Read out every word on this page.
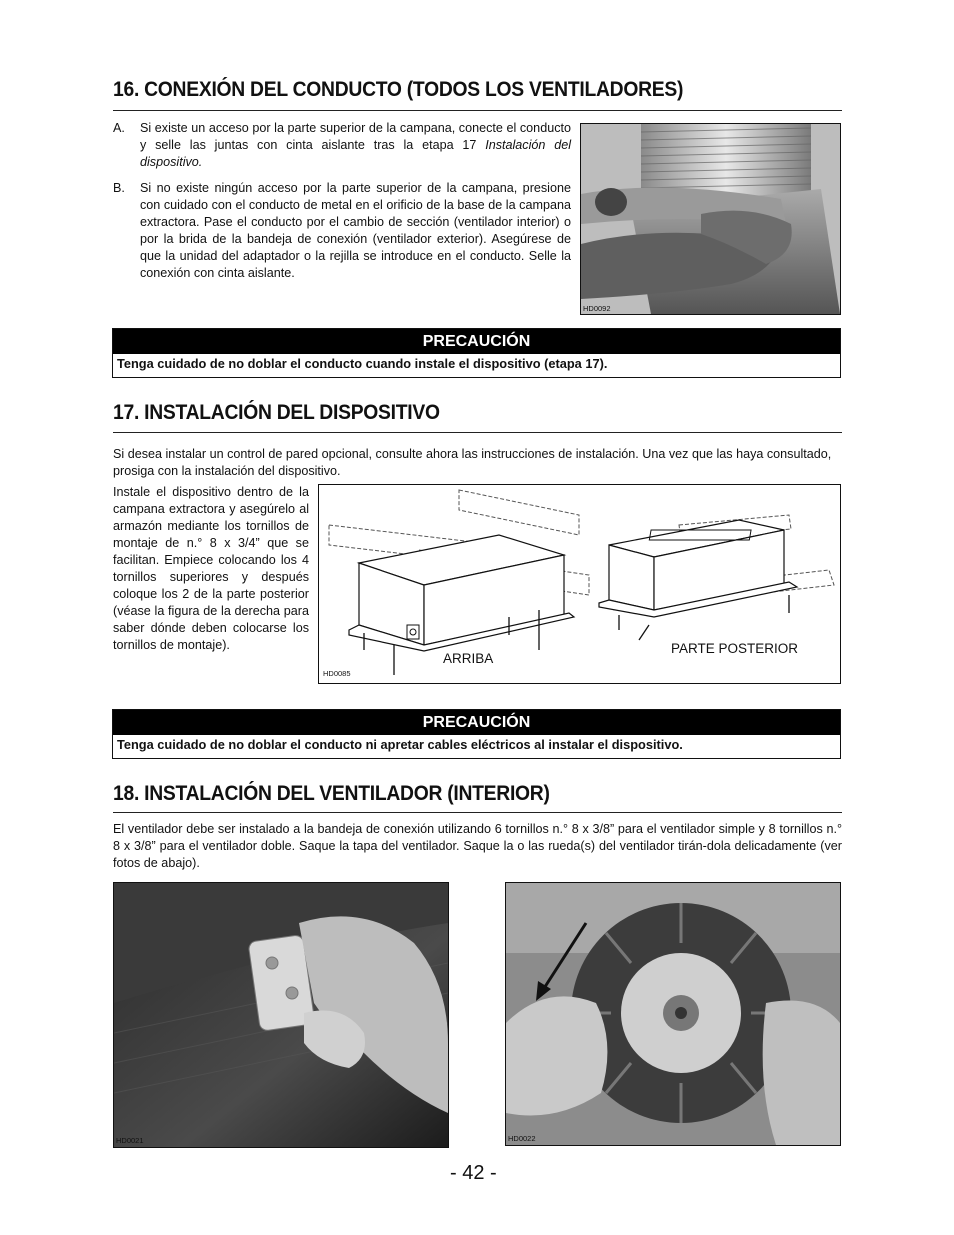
16. CONEXIÓN DEL CONDUCTO (TODOS LOS VENTILADORES)
A. Si existe un acceso por la parte superior de la campana, conecte el conducto y selle las juntas con cinta aislante tras la etapa 17 Instalación del dispositivo.
B. Si no existe ningún acceso por la parte superior de la campana, presione con cuidado con el conducto de metal en el orificio de la base de la campana extractora. Pase el conducto por el cambio de sección (ventilador interior) o por la brida de la bandeja de conexión (ventilador exterior). Asegúrese de que la unidad del adaptador o la rejilla se introduce en el conducto. Selle la conexión con cinta aislante.
HD0092
PRECAUCIÓN
Tenga cuidado de no doblar el conducto cuando instale el dispositivo (etapa 17).
17. INSTALACIÓN DEL DISPOSITIVO
Si desea instalar un control de pared opcional, consulte ahora las instrucciones de instalación. Una vez que las haya consultado, prosiga con la instalación del dispositivo.
Instale el dispositivo dentro de la campana extractora y asegúrelo al armazón mediante los tornillos de montaje de n.° 8 x 3/4” que se facilitan. Empiece colocando los 4 tornillos superiores y después coloque los 2 de la parte posterior (véase la figura de la derecha para saber dónde deben colocarse los tornillos de montaje).
ARRIBA
PARTE POSTERIOR
HD0085
PRECAUCIÓN
Tenga cuidado de no doblar el conducto ni apretar cables eléctricos al instalar el dispositivo.
18. INSTALACIÓN DEL VENTILADOR (INTERIOR)
El ventilador debe ser instalado a la bandeja de conexión utilizando 6 tornillos n.° 8 x 3/8” para el ventilador simple y 8 tornillos n.° 8 x 3/8” para el ventilador doble. Saque la tapa del ventilador. Saque la o las rueda(s) del ventilador tirán-dola delicadamente (ver fotos de abajo).
HD0021	HD0022
- 42 -
